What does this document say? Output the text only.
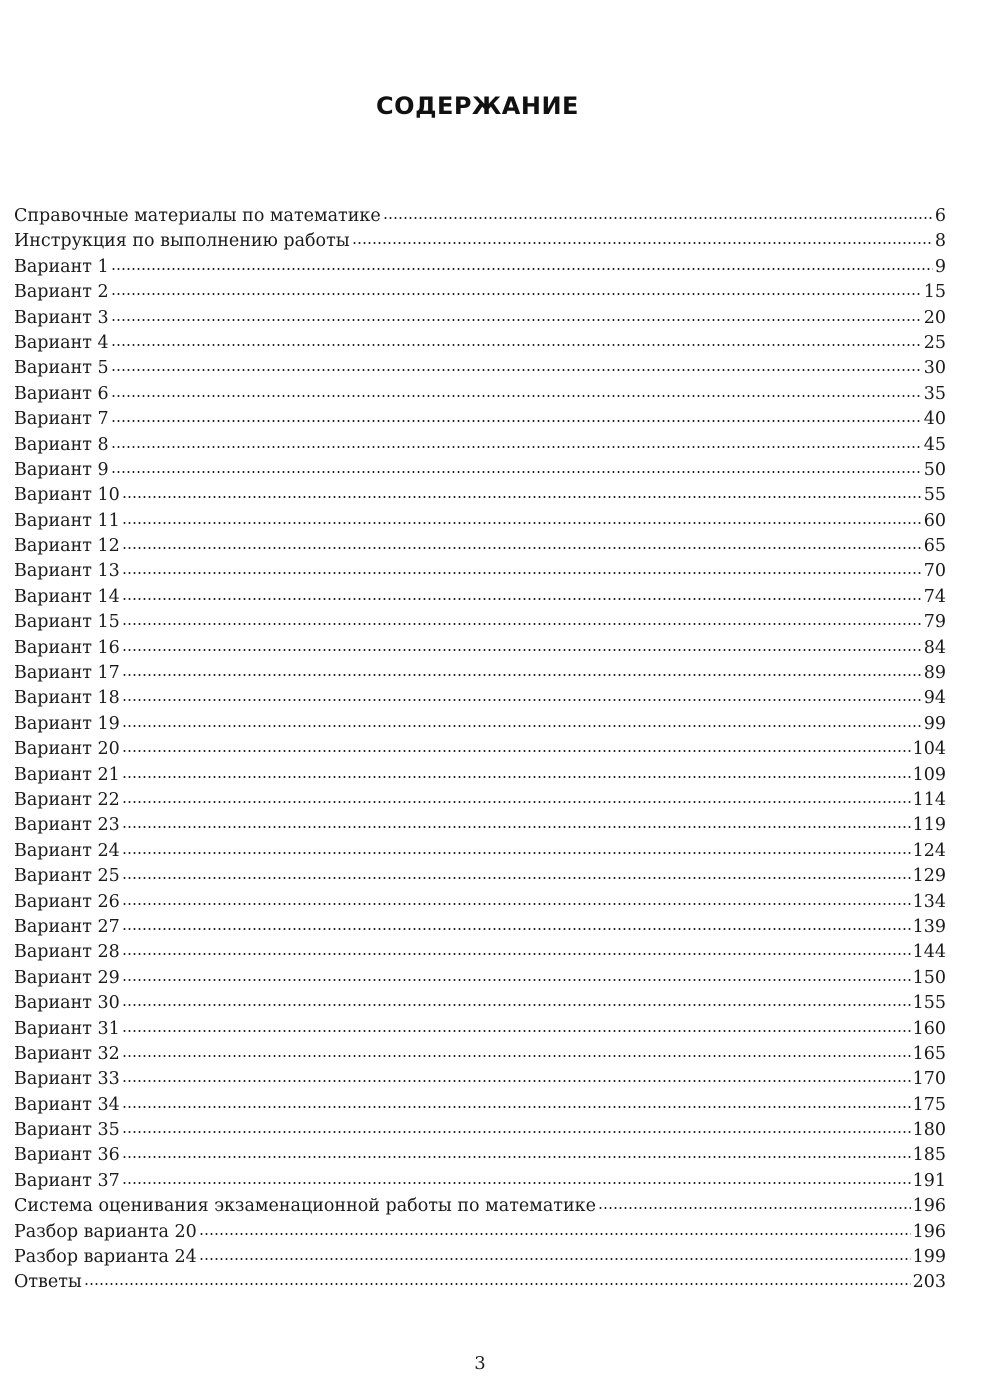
СОДЕРЖАНИЕ
Справочные материалы по математике	6
Инструкция по выполнению работы	8
Вариант 1	9
Вариант 2	15
Вариант 3	20
Вариант 4	25
Вариант 5	30
Вариант 6	35
Вариант 7	40
Вариант 8	45
Вариант 9	50
Вариант 10	55
Вариант 11	60
Вариант 12	65
Вариант 13	70
Вариант 14	74
Вариант 15	79
Вариант 16	84
Вариант 17	89
Вариант 18	94
Вариант 19	99
Вариант 20	104
Вариант 21	109
Вариант 22	114
Вариант 23	119
Вариант 24	124
Вариант 25	129
Вариант 26	134
Вариант 27	139
Вариант 28	144
Вариант 29	150
Вариант 30	155
Вариант 31	160
Вариант 32	165
Вариант 33	170
Вариант 34	175
Вариант 35	180
Вариант 36	185
Вариант 37	191
Система оценивания экзаменационной работы по математике	196
Разбор варианта 20	196
Разбор варианта 24	199
Ответы	203
3
